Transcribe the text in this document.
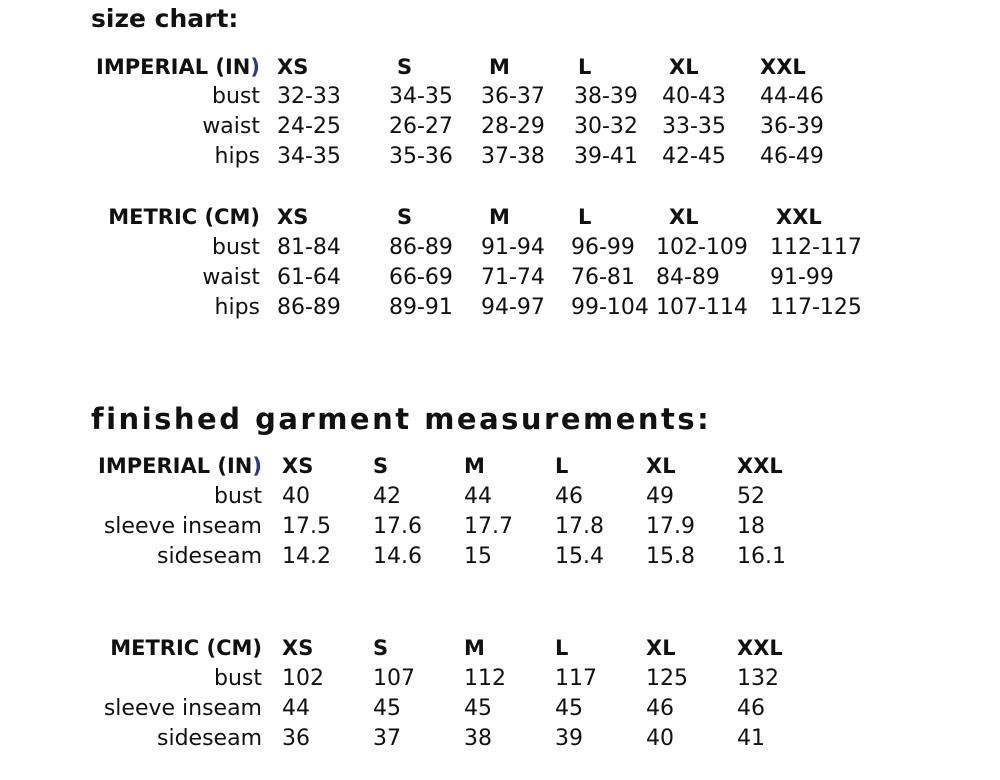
size chart:
IMPERIAL (IN) XS	S	M	L	XL	XXL
bust 32-33 34-35 36-37 38-39 40-43 44-46
waist 24-25 26-27 28-29 30-32 33-35 36-39
hips 34-35 35-36 37-38 39-41 42-45 46-49
METRIC (CM) XS	S	M	L	XL	XXL
bust 81-84 86-89 91-94 96-99 102-109 112-117
waist 61-64 66-69 71-74 76-81 84-89 91-99
hips 86-89 89-91 94-97 99-104 107-114 117-125
finished garment measurements:
IMPERIAL (IN) XS	S	M	L	XL	XXL
bust 40	42	44	46	49	52
sleeve inseam 17.5 17.6 17.7 17.8 17.9 18
sideseam 14.2 14.6 15	15.4 15.8 16.1
METRIC (CM) XS	S	M	L	XL	XXL
bust 102 107 112 117 125 132
sleeve inseam 44	45	45	45	46	46
sideseam 36	37	38	39	40	41
